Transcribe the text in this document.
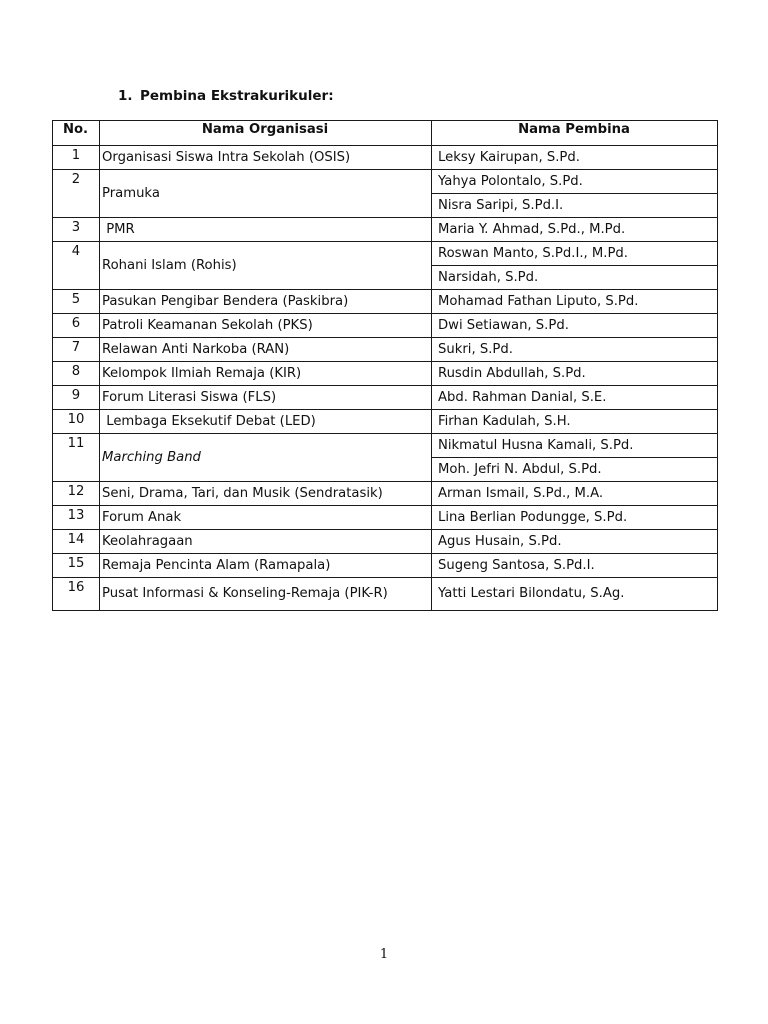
1. Pembina Ekstrakurikuler:
No.	Nama Organisasi	Nama Pembina
1	Organisasi Siswa Intra Sekolah (OSIS)	Leksy Kairupan, S.Pd.
2	Pramuka	Yahya Polontalo, S.Pd.
		Nisra Saripi, S.Pd.I.
3	PMR	Maria Y. Ahmad, S.Pd., M.Pd.
4	Rohani Islam (Rohis)	Roswan Manto, S.Pd.I., M.Pd.
		Narsidah, S.Pd.
5	Pasukan Pengibar Bendera (Paskibra)	Mohamad Fathan Liputo, S.Pd.
6	Patroli Keamanan Sekolah (PKS)	Dwi Setiawan, S.Pd.
7	Relawan Anti Narkoba (RAN)	Sukri, S.Pd.
8	Kelompok Ilmiah Remaja (KIR)	Rusdin Abdullah, S.Pd.
9	Forum Literasi Siswa (FLS)	Abd. Rahman Danial, S.E.
10	Lembaga Eksekutif Debat (LED)	Firhan Kadulah, S.H.
11	Marching Band	Nikmatul Husna Kamali, S.Pd.
		Moh. Jefri N. Abdul, S.Pd.
12	Seni, Drama, Tari, dan Musik (Sendratasik)	Arman Ismail, S.Pd., M.A.
13	Forum Anak	Lina Berlian Podungge, S.Pd.
14	Keolahragaan	Agus Husain, S.Pd.
15	Remaja Pencinta Alam (Ramapala)	Sugeng Santosa, S.Pd.I.
16	Pusat Informasi & Konseling-Remaja (PIK-R)	Yatti Lestari Bilondatu, S.Ag.
1
